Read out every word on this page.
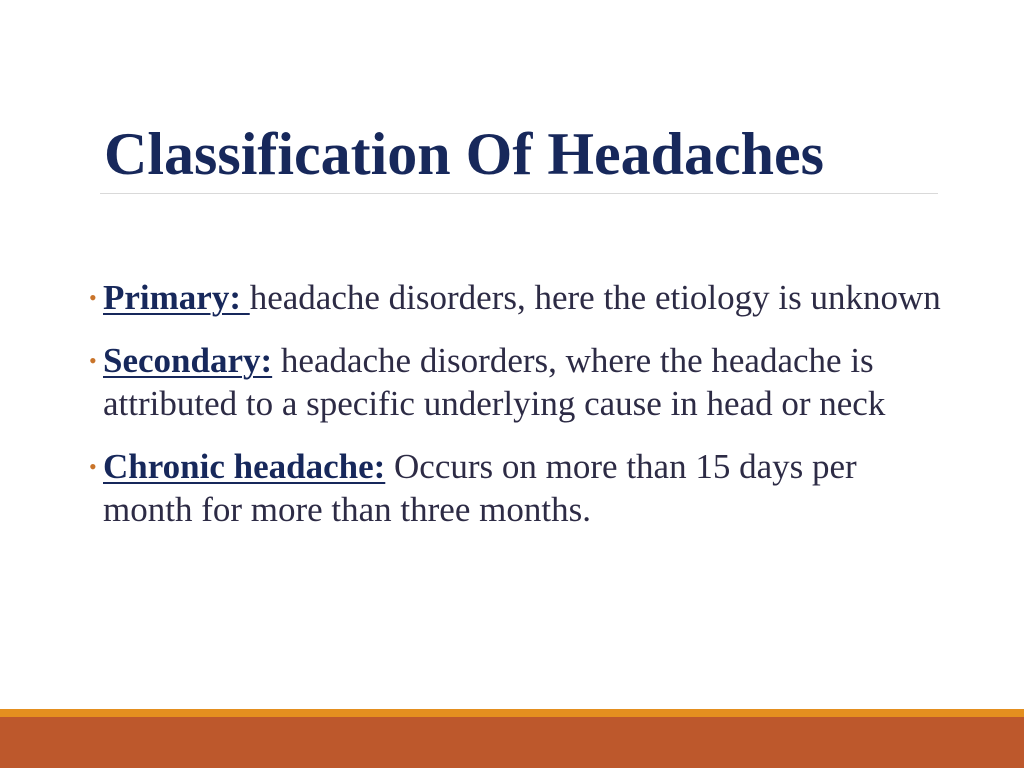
Classification Of Headaches
• Primary: headache disorders, here the etiology is unknown
• Secondary: headache disorders, where the headache is attributed to a specific underlying cause in head or neck
• Chronic headache: Occurs on more than 15 days per month for more than three months.
